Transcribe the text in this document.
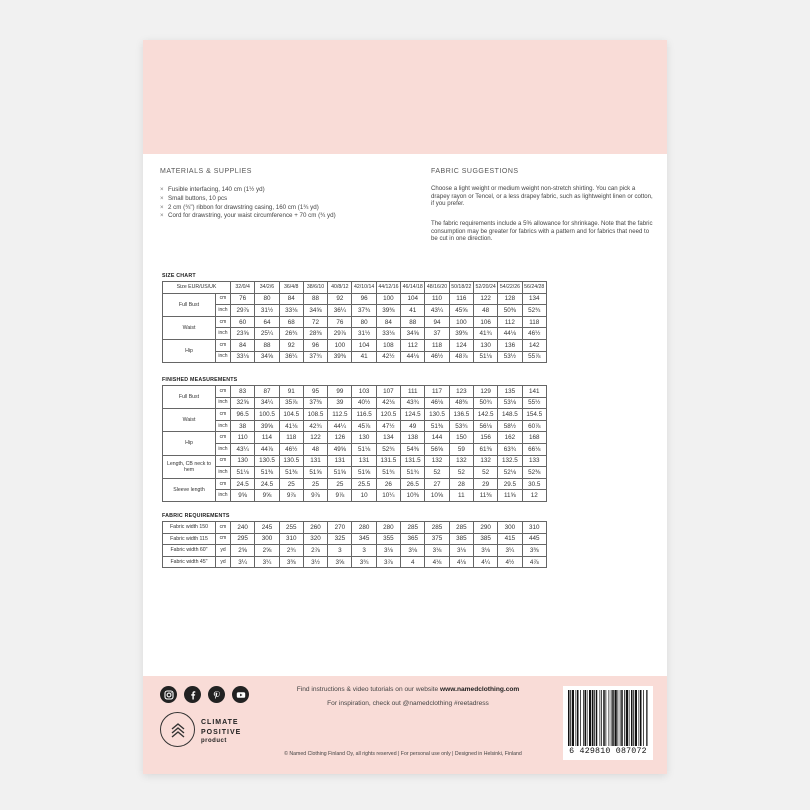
MATERIALS & SUPPLIES
× Fusible interfacing, 140 cm (1½ yd)
× Small buttons, 10 pcs
× 2 cm (¾") ribbon for drawstring casing, 160 cm (1¾ yd)
× Cord for drawstring, your waist circumference + 70 cm (¾ yd)
FABRIC SUGGESTIONS
Choose a light weight or medium weight non-stretch shirting. You can pick a drapey rayon or Tencel, or a less drapey fabric, such as lightweight linen or cotton, if you prefer.
The fabric requirements include a 5% allowance for shrinkage. Note that the fabric consumption may be greater for fabrics with a pattern and for fabrics that need to be cut in one direction.
SIZE CHART
Size EUR/US/UK		32/0/4	34/2/6	36/4/8	38/6/10	40/8/12	42/10/14	44/12/16	46/14/18	48/16/20	50/18/22	52/20/24	54/22/26	56/24/28
Full Bust	cm	76	80	84	88	92	96	100	104	110	116	122	128	134
	inch	29⅞	31½	33⅛	34⅝	36¼	37¾	39⅜	41	43¼	45⅝	48	50⅜	52¾
Waist	cm	60	64	68	72	76	80	84	88	94	100	106	112	118
	inch	23⅝	25¼	26¾	28⅜	29⅞	31½	33⅛	34⅝	37	39⅜	41¾	44⅛	46½
Hip	cm	84	88	92	96	100	104	108	112	118	124	130	136	142
	inch	33⅛	34⅝	36¼	37¾	39⅜	41	42½	44⅛	46½	48⅞	51⅛	53½	55⅞
FINISHED MEASUREMENTS
Full Bust	cm	83	87	91	95	99	103	107	111	117	123	129	135	141
	inch	32⅝	34¼	35⅞	37⅜	39	40½	42⅛	43¾	46⅛	48⅜	50¾	53⅛	55½
Waist	cm	96.5	100.5	104.5	108.5	112.5	116.5	120.5	124.5	130.5	136.5	142.5	148.5	154.5
	inch	38	39⅝	41⅛	42¾	44¼	45⅞	47½	49	51⅜	53¾	56⅛	58½	60⅞
Hip	cm	110	114	118	122	126	130	134	138	144	150	156	162	168
	inch	43¼	44⅞	46½	48	49⅝	51⅛	52¾	54⅜	56⅝	59	61⅜	63¾	66⅛
Length, CB neck to hem	cm	130	130.5	130.5	131	131	131	131.5	131.5	132	132	132	132.5	133
	inch	51⅛	51⅜	51⅜	51⅝	51⅝	51⅝	51¾	51¾	52	52	52	52⅛	52⅜
Sleeve length	cm	24.5	24.5	25	25	25	25.5	26	26.5	27	28	29	29.5	30.5
	inch	9⅝	9⅝	9⅞	9⅞	9⅞	10	10¼	10⅜	10⅝	11	11⅜	11⅝	12
FABRIC REQUIREMENTS
Fabric width 150	cm	240	245	255	260	270	280	280	285	285	285	290	300	310
Fabric width 115	cm	295	300	310	320	325	345	355	365	375	385	385	415	445
Fabric width 60"	yd	2⅝	2⅝	2¾	2⅞	3	3	3⅛	3⅛	3⅛	3⅛	3⅛	3¼	3⅜
Fabric width 45"	yd	3¼	3¼	3⅜	3½	3⅝	3¾	3⅞	4	4⅛	4⅛	4¼	4½	4⅞
CLIMATE
POSITIVE
product
Find instructions & video tutorials on our website www.namedclothing.com
For inspiration, check out @namedclothing #reetadress
© Named Clothing Finland Oy, all rights reserved | For personal use only | Designed in Helsinki, Finland	6 429810 087072
